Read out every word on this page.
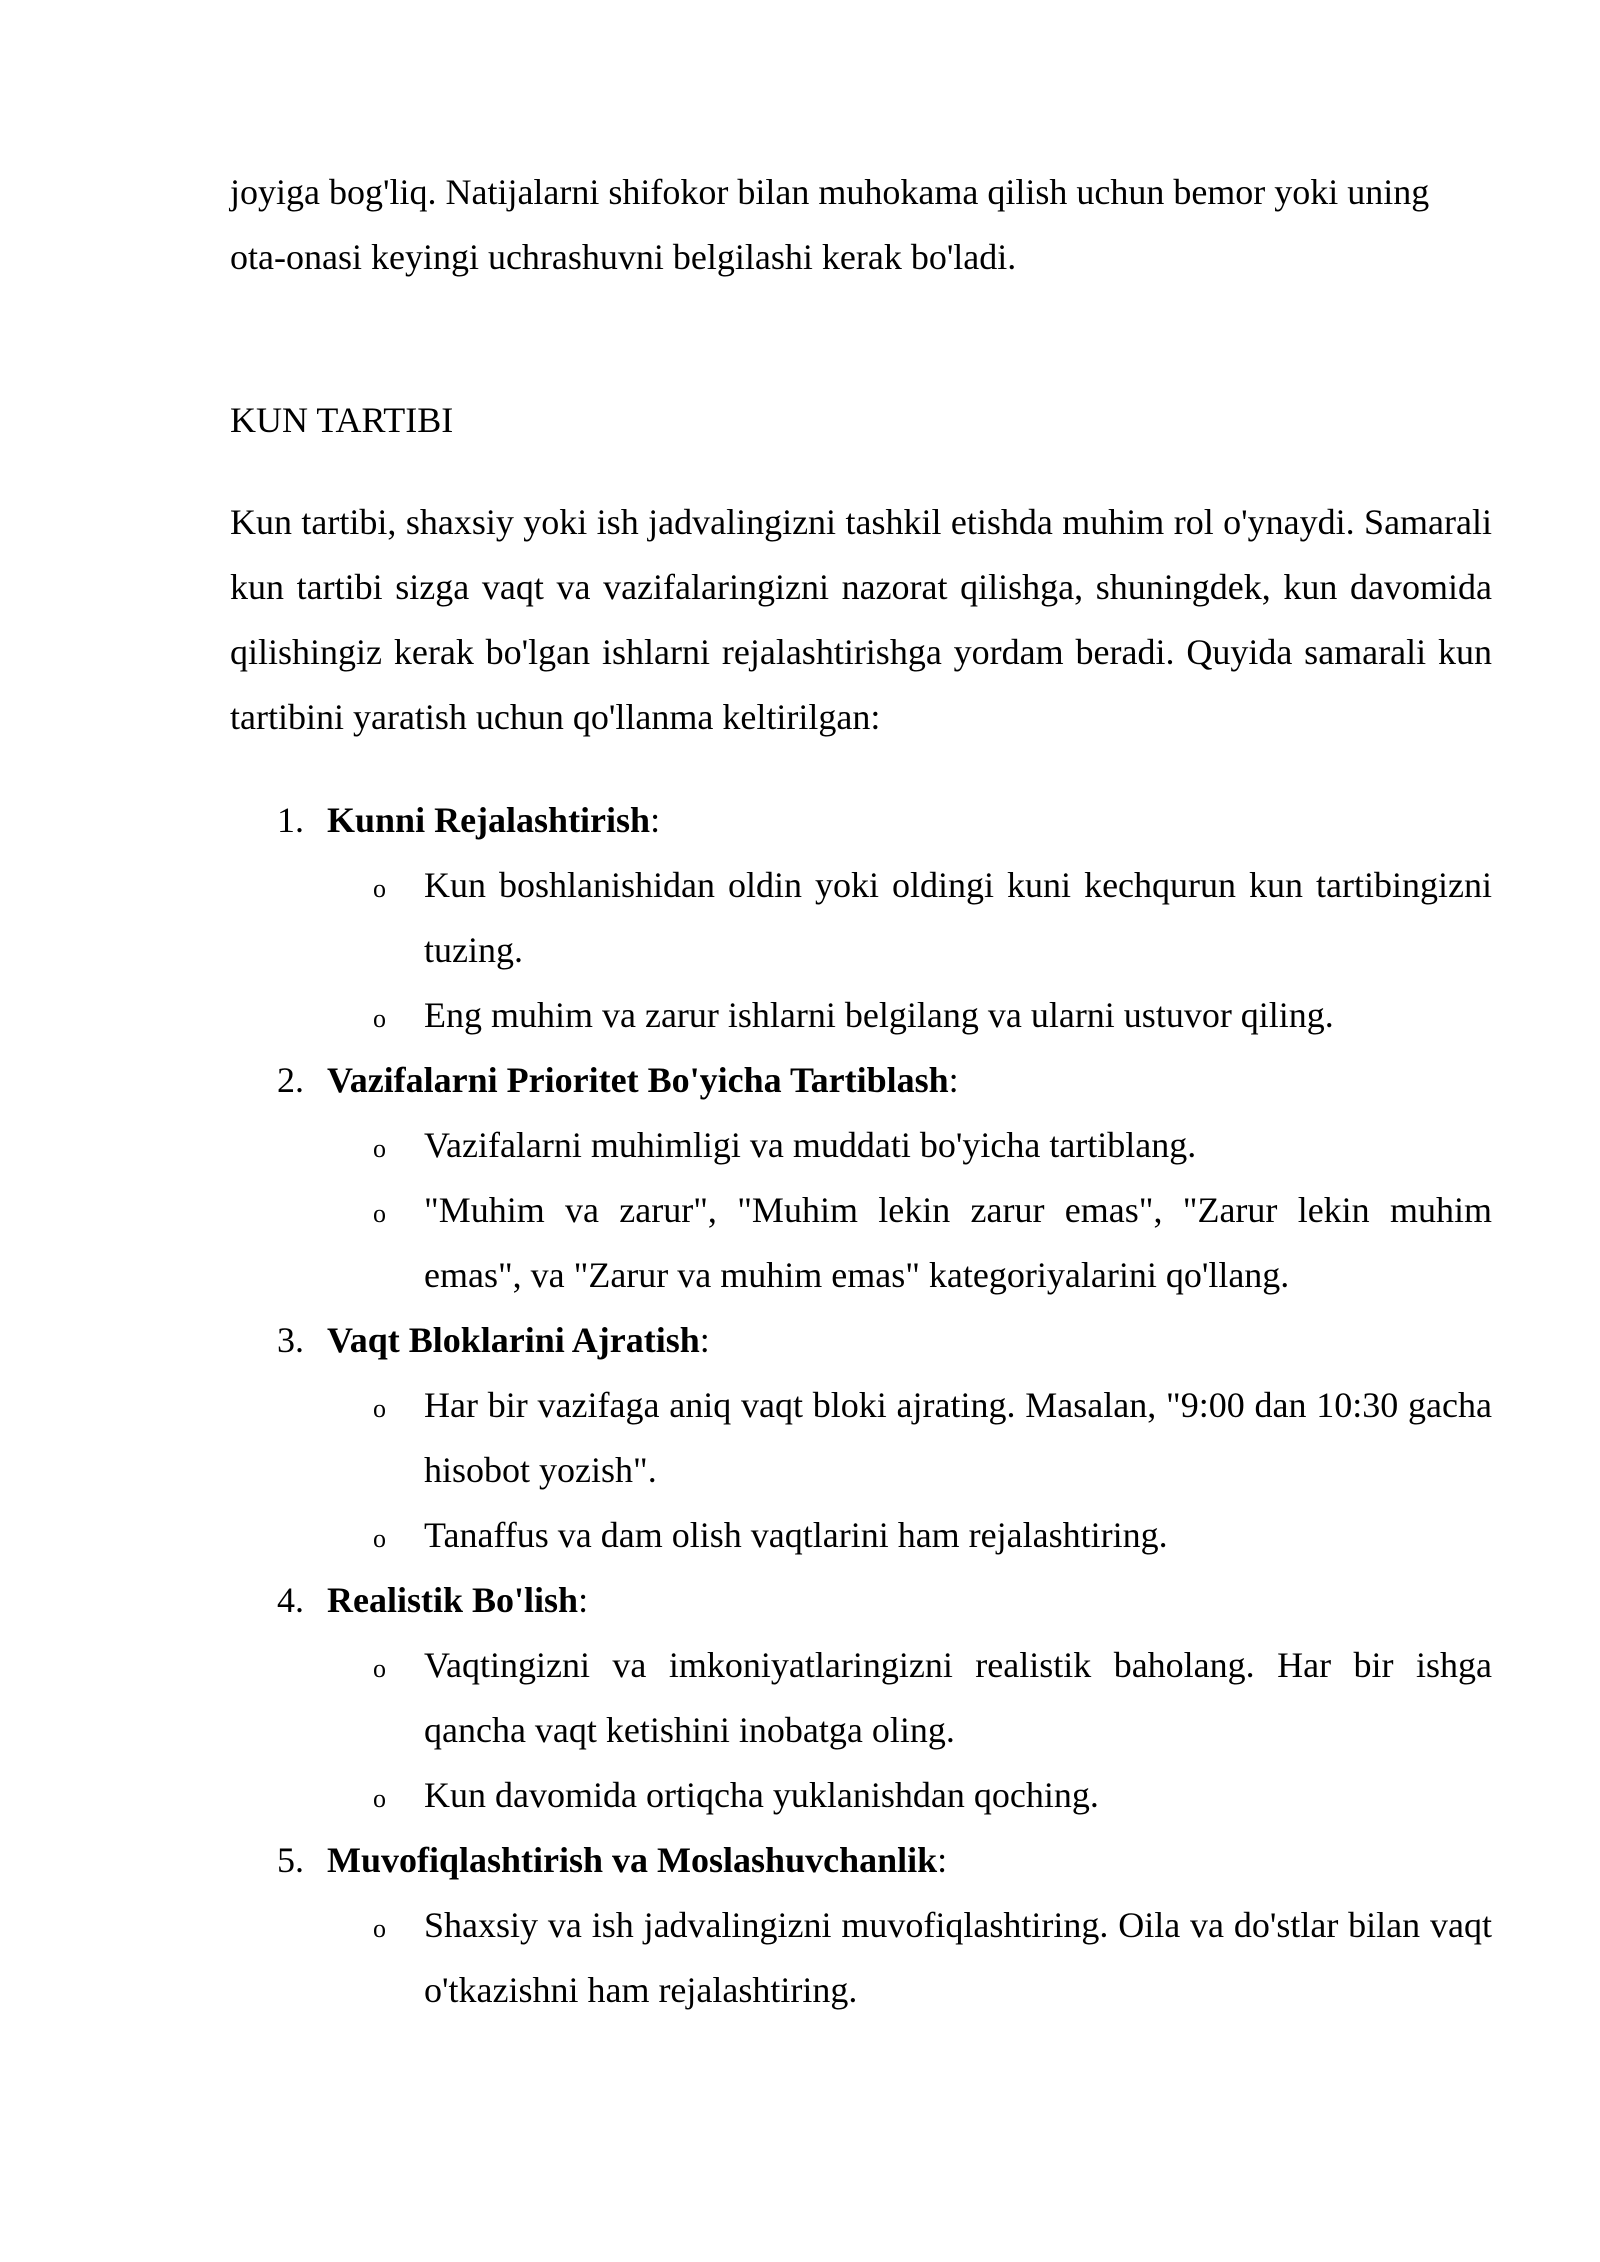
joyiga bog'liq. Natijalarni shifokor bilan muhokama qilish uchun bemor yoki uning ota-onasi keyingi uchrashuvni belgilashi kerak bo'ladi.

KUN TARTIBI

Kun tartibi, shaxsiy yoki ish jadvalingizni tashkil etishda muhim rol o'ynaydi. Samarali kun tartibi sizga vaqt va vazifalaringizni nazorat qilishga, shuningdek, kun davomida qilishingiz kerak bo'lgan ishlarni rejalashtirishga yordam beradi. Quyida samarali kun tartibini yaratish uchun qo'llanma keltirilgan:

1. Kunni Rejalashtirish:
o Kun boshlanishidan oldin yoki oldingi kuni kechqurun kun tartibingizni tuzing.
o Eng muhim va zarur ishlarni belgilang va ularni ustuvor qiling.
2. Vazifalarni Prioritet Bo'yicha Tartiblash:
o Vazifalarni muhimligi va muddati bo'yicha tartiblang.
o "Muhim va zarur", "Muhim lekin zarur emas", "Zarur lekin muhim emas", va "Zarur va muhim emas" kategoriyalarini qo'llang.
3. Vaqt Bloklarini Ajratish:
o Har bir vazifaga aniq vaqt bloki ajrating. Masalan, "9:00 dan 10:30 gacha hisobot yozish".
o Tanaffus va dam olish vaqtlarini ham rejalashtiring.
4. Realistik Bo'lish:
o Vaqtingizni va imkoniyatlaringizni realistik baholang. Har bir ishga qancha vaqt ketishini inobatga oling.
o Kun davomida ortiqcha yuklanishdan qoching.
5. Muvofiqlashtirish va Moslashuvchanlik:
o Shaxsiy va ish jadvalingizni muvofiqlashtiring. Oila va do'stlar bilan vaqt o'tkazishni ham rejalashtiring.
